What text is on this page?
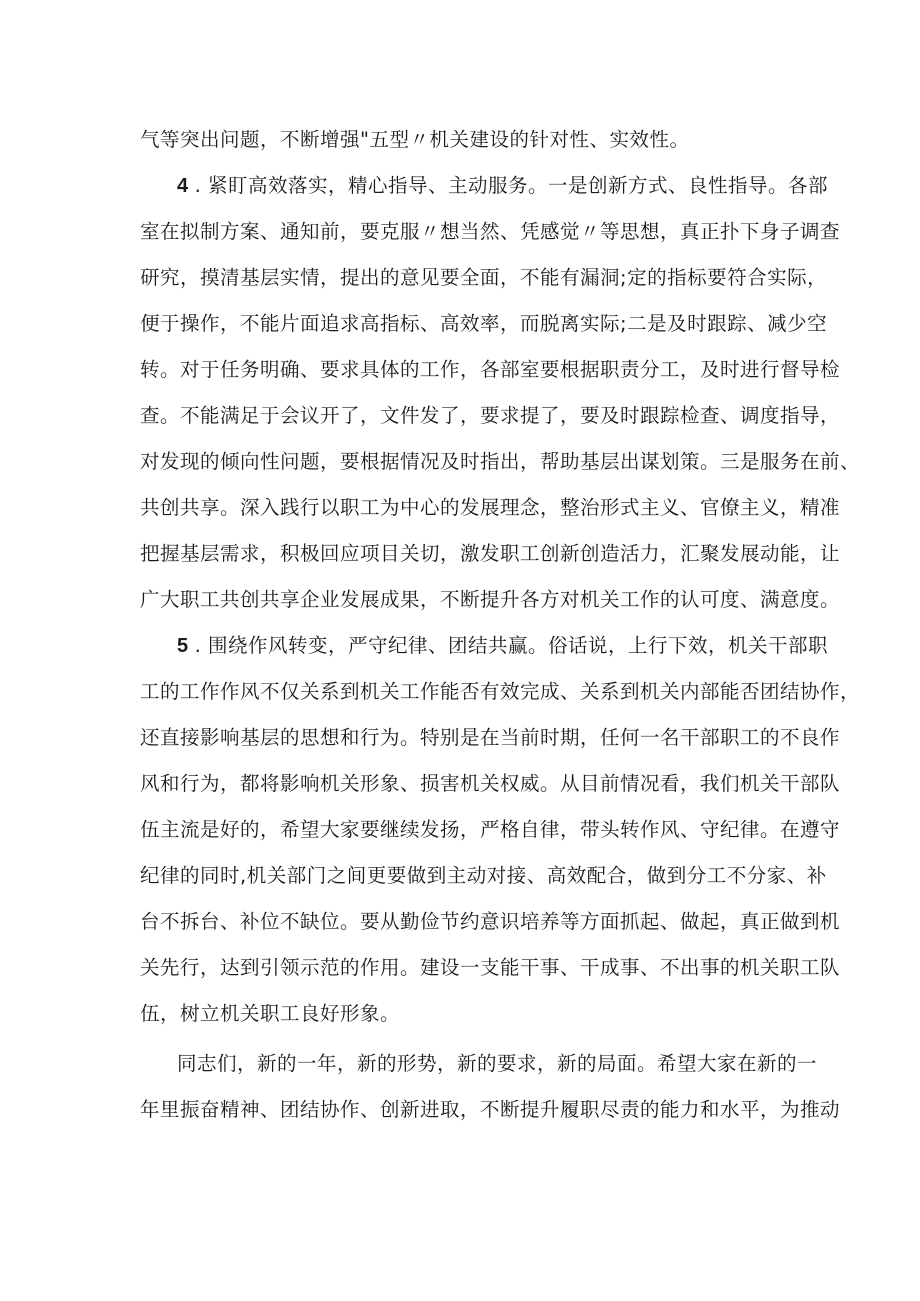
气等突出问题，不断增强"五型〃机关建设的针对性、实效性。
4 . 紧盯高效落实，精心指导、主动服务。一是创新方式、良性指导。各部
室在拟制方案、通知前，要克服〃想当然、凭感觉〃等思想，真正扑下身子调查
研究，摸清基层实情，提出的意见要全面，不能有漏洞;定的指标要符合实际，
便于操作，不能片面追求高指标、高效率，而脱离实际;二是及时跟踪、减少空
转。对于任务明确、要求具体的工作，各部室要根据职责分工，及时进行督导检
查。不能满足于会议开了，文件发了，要求提了，要及时跟踪检查、调度指导，
对发现的倾向性问题，要根据情况及时指出，帮助基层出谋划策。三是服务在前、
共创共享。深入践行以职工为中心的发展理念，整治形式主义、官僚主义，精准
把握基层需求，积极回应项目关切，激发职工创新创造活力，汇聚发展动能，让
广大职工共创共享企业发展成果，不断提升各方对机关工作的认可度、满意度。
5 . 围绕作风转变，严守纪律、团结共赢。俗话说，上行下效，机关干部职
工的工作作风不仅关系到机关工作能否有效完成、关系到机关内部能否团结协作，
还直接影响基层的思想和行为。特别是在当前时期，任何一名干部职工的不良作
风和行为，都将影响机关形象、损害机关权威。从目前情况看，我们机关干部队
伍主流是好的，希望大家要继续发扬，严格自律，带头转作风、守纪律。在遵守
纪律的同时,机关部门之间更要做到主动对接、高效配合，做到分工不分家、补
台不拆台、补位不缺位。要从勤俭节约意识培养等方面抓起、做起，真正做到机
关先行，达到引领示范的作用。建设一支能干事、干成事、不出事的机关职工队
伍，树立机关职工良好形象。
同志们，新的一年，新的形势，新的要求，新的局面。希望大家在新的一
年里振奋精神、团结协作、创新进取，不断提升履职尽责的能力和水平，为推动
